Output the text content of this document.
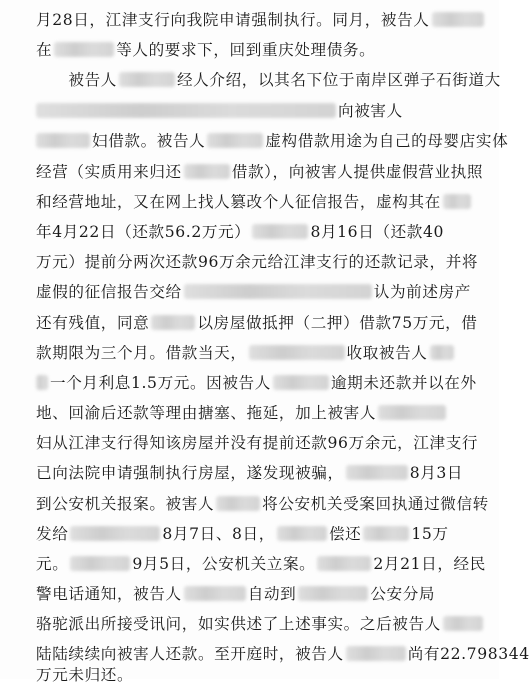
月28日，江津支行向我院申请强制执行。同月，被告人
在	等人的要求下，回到重庆处理债务。
　　被告人	经人介绍，以其名下位于南岸区弹子石街道大
向被害人
妇借款。被告人	虚构借款用途为自己的母婴店实体
经营（实质用来归还	借款），向被害人提供虚假营业执照
和经营地址，又在网上找人篡改个人征信报告，虚构其在
年4月22日（还款56.2万元）	8月16日（还款40
万元）提前分两次还款96万余元给江津支行的还款记录，并将
虚假的征信报告交给	认为前述房产
还有残值，同意	以房屋做抵押（二押）借款75万元，借
款期限为三个月。借款当天，	收取被告人
一个月利息1.5万元。因被告人	逾期未还款并以在外
地、回渝后还款等理由搪塞、拖延，加上被害人
妇从江津支行得知该房屋并没有提前还款96万余元，江津支行
已向法院申请强制执行房屋，遂发现被骗，	8月3日
到公安机关报案。被害人	将公安机关受案回执通过微信转
发给	8月7日、8日，	偿还	15万
元。	9月5日，公安机关立案。	2月21日，经民
警电话通知，被告人	自动到	公安分局
骆驼派出所接受讯问，如实供述了上述事实。之后被告人
陆陆续续向被害人还款。至开庭时，被告人	尚有22.798344
万元未归还。
